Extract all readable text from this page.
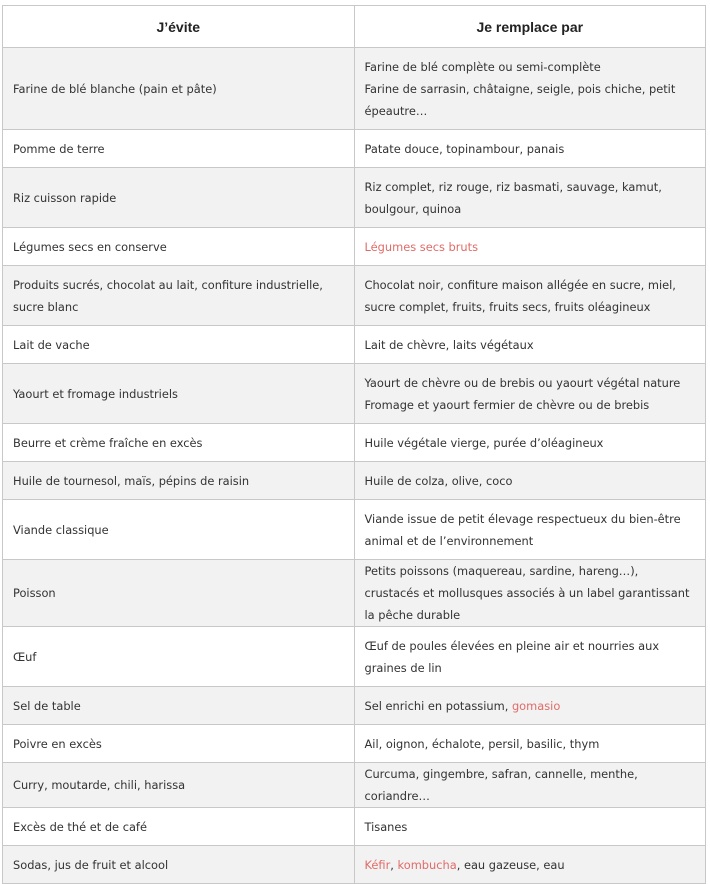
J’évite	Je remplace par
Farine de blé blanche (pain et pâte)	Farine de blé complète ou semi-complète
Farine de sarrasin, châtaigne, seigle, pois chiche, petit épeautre…

Pomme de terre	Patate douce, topinambour, panais
Riz cuisson rapide	Riz complet, riz rouge, riz basmati, sauvage, kamut, boulgour, quinoa
Légumes secs en conserve	Légumes secs bruts
Produits sucrés, chocolat au lait, confiture industrielle, sucre blanc	Chocolat noir, confiture maison allégée en sucre, miel, sucre complet, fruits, fruits secs, fruits oléagineux
Lait de vache	Lait de chèvre, laits végétaux
Yaourt et fromage industriels	Yaourt de chèvre ou de brebis ou yaourt végétal nature
Fromage et yaourt fermier de chèvre ou de brebis

Beurre et crème fraîche en excès	Huile végétale vierge, purée d’oléagineux
Huile de tournesol, maïs, pépins de raisin	Huile de colza, olive, coco
Viande classique	Viande issue de petit élevage respectueux du bien-être animal et de l’environnement
Poisson	Petits poissons (maquereau, sardine, hareng…), crustacés et mollusques associés à un label garantissant la pêche durable
Œuf	Œuf de poules élevées en pleine air et nourries aux graines de lin
Sel de table	Sel enrichi en potassium, gomasio
Poivre en excès	Ail, oignon, échalote, persil, basilic, thym
Curry, moutarde, chili, harissa	Curcuma, gingembre, safran, cannelle, menthe, coriandre…
Excès de thé et de café	Tisanes
Sodas, jus de fruit et alcool	Kéfir, kombucha, eau gazeuse, eau
